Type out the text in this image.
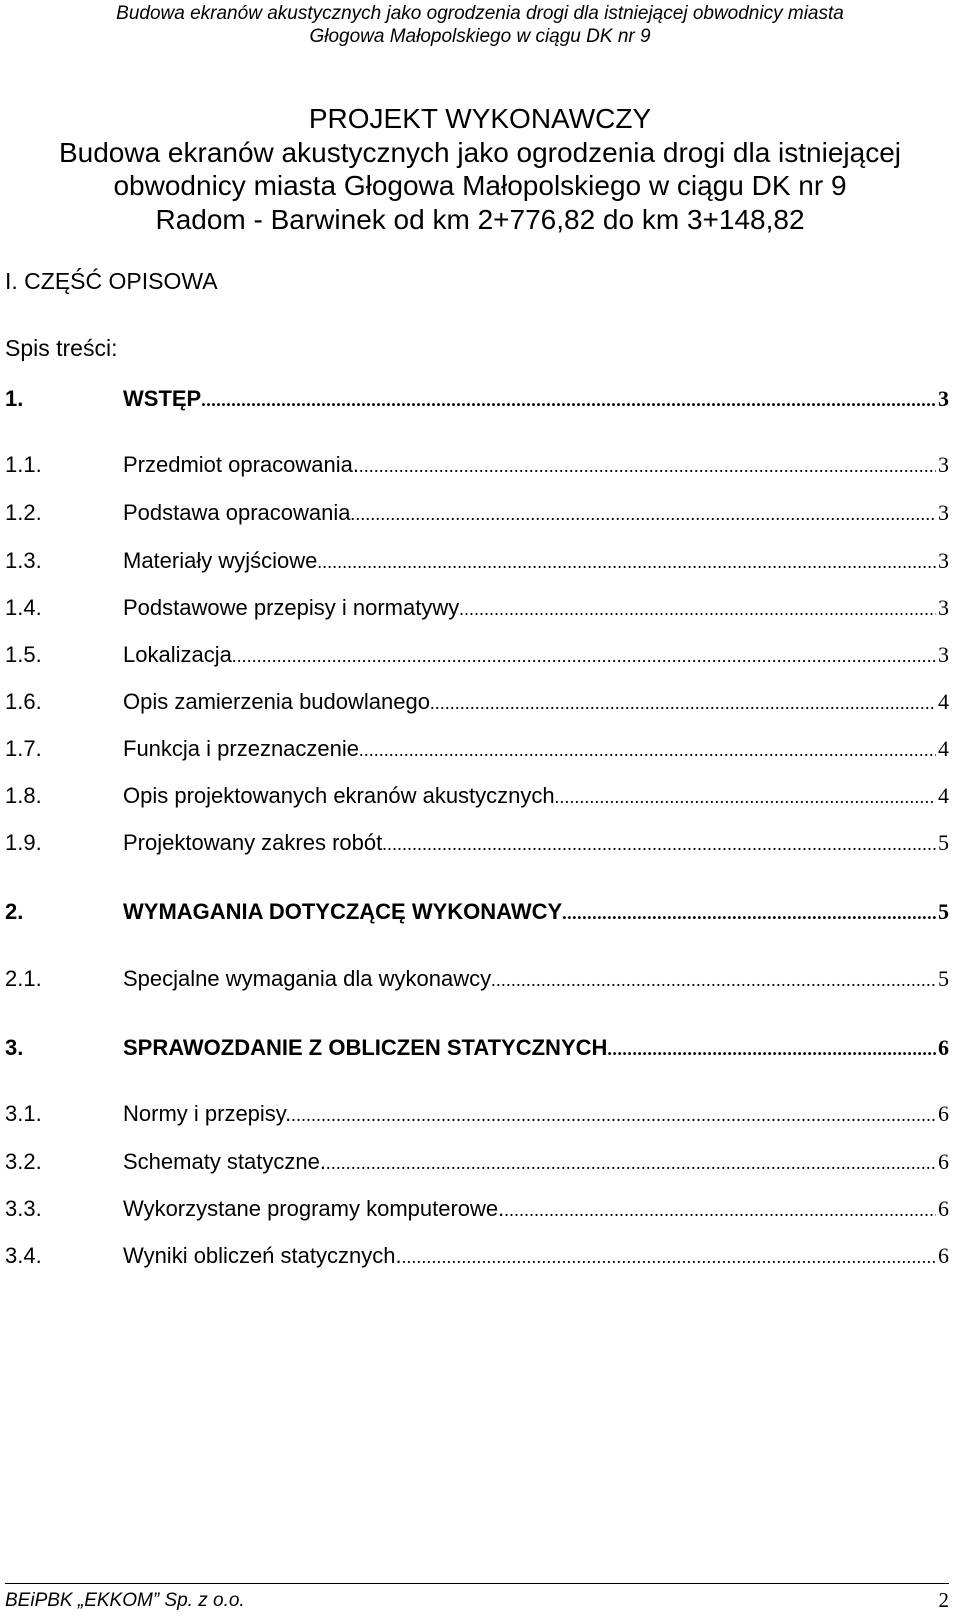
Budowa ekranów akustycznych jako ogrodzenia drogi dla istniejącej obwodnicy miasta
Głogowa Małopolskiego w ciągu DK nr 9
PROJEKT WYKONAWCZY
Budowa ekranów akustycznych jako ogrodzenia drogi dla istniejącej
obwodnicy miasta Głogowa Małopolskiego w ciągu DK nr 9
Radom - Barwinek od km 2+776,82 do km 3+148,82
I. CZĘŚĆ OPISOWA
Spis treści:
1.	WSTĘP .....	3
1.1.	Przedmiot opracowania. .....	3
1.2.	Podstawa opracowania .....	3
1.3.	Materiały wyjściowe .....	3
1.4.	Podstawowe przepisy i normatywy .....	3
1.5.	Lokalizacja .....	3
1.6.	Opis zamierzenia budowlanego .....	4
1.7.	Funkcja i przeznaczenie .....	4
1.8.	Opis projektowanych ekranów akustycznych .....	4
1.9.	Projektowany zakres robót .....	5
2.	WYMAGANIA DOTYCZĄCĘ WYKONAWCY .....	5
2.1.	Specjalne wymagania dla wykonawcy .....	5
3.	SPRAWOZDANIE Z OBLICZEN STATYCZNYCH .....	6
3.1.	Normy i przepisy. .....	6
3.2.	Schematy statyczne. .....	6
3.3.	Wykorzystane programy komputerowe. .....	6
3.4.	Wyniki obliczeń statycznych. .....	6
BEiPBK „EKKOM” Sp. z o.o.	2
